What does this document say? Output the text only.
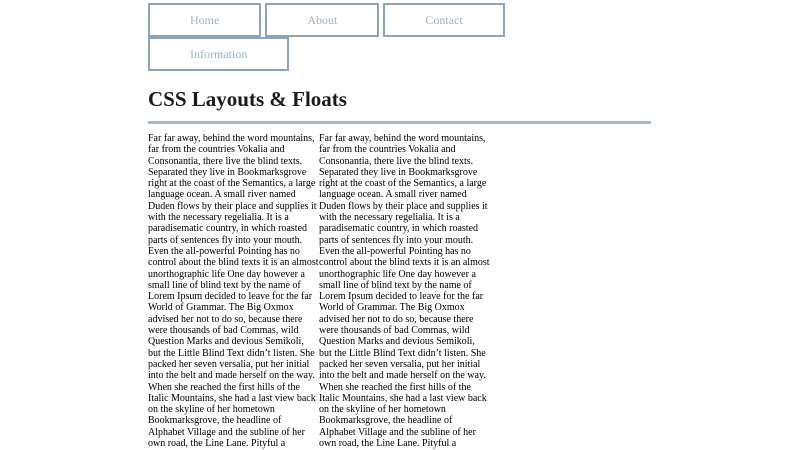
Home	About	Contact
Information
CSS Layouts & Floats
Far far away, behind the word mountains, far from the countries Vokalia and Consonantia, there live the blind texts. Separated they live in Bookmarksgrove right at the coast of the Semantics, a large language ocean. A small river named Duden flows by their place and supplies it with the necessary regelialia. It is a paradisematic country, in which roasted parts of sentences fly into your mouth. Even the all-powerful Pointing has no control about the blind texts it is an almost unorthographic life One day however a small line of blind text by the name of Lorem Ipsum decided to leave for the far World of Grammar. The Big Oxmox advised her not to do so, because there were thousands of bad Commas, wild Question Marks and devious Semikoli, but the Little Blind Text didn’t listen. She packed her seven versalia, put her initial into the belt and made herself on the way. When she reached the first hills of the Italic Mountains, she had a last view back on the skyline of her hometown Bookmarksgrove, the headline of Alphabet Village and the subline of her own road, the Line Lane. Pityful a
Far far away, behind the word mountains, far from the countries Vokalia and Consonantia, there live the blind texts. Separated they live in Bookmarksgrove right at the coast of the Semantics, a large language ocean. A small river named Duden flows by their place and supplies it with the necessary regelialia. It is a paradisematic country, in which roasted parts of sentences fly into your mouth. Even the all-powerful Pointing has no control about the blind texts it is an almost unorthographic life One day however a small line of blind text by the name of Lorem Ipsum decided to leave for the far World of Grammar. The Big Oxmox advised her not to do so, because there were thousands of bad Commas, wild Question Marks and devious Semikoli, but the Little Blind Text didn’t listen. She packed her seven versalia, put her initial into the belt and made herself on the way. When she reached the first hills of the Italic Mountains, she had a last view back on the skyline of her hometown Bookmarksgrove, the headline of Alphabet Village and the subline of her own road, the Line Lane. Pityful a
